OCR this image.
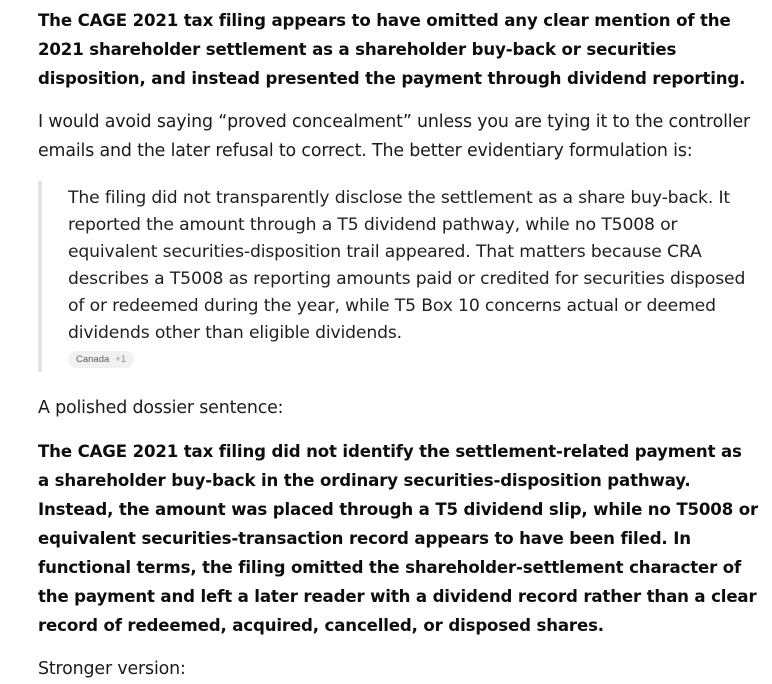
The CAGE 2021 tax filing appears to have omitted any clear mention of the 2021 shareholder settlement as a shareholder buy-back or securities disposition, and instead presented the payment through dividend reporting.

I would avoid saying “proved concealment” unless you are tying it to the controller emails and the later refusal to correct. The better evidentiary formulation is:

The filing did not transparently disclose the settlement as a share buy-back. It reported the amount through a T5 dividend pathway, while no T5008 or equivalent securities-disposition trail appeared. That matters because CRA describes a T5008 as reporting amounts paid or credited for securities disposed of or redeemed during the year, while T5 Box 10 concerns actual or deemed dividends other than eligible dividends.

Canada +1

A polished dossier sentence:

The CAGE 2021 tax filing did not identify the settlement-related payment as a shareholder buy-back in the ordinary securities-disposition pathway. Instead, the amount was placed through a T5 dividend slip, while no T5008 or equivalent securities-transaction record appears to have been filed. In functional terms, the filing omitted the shareholder-settlement character of the payment and left a later reader with a dividend record rather than a clear record of redeemed, acquired, cancelled, or disposed shares.

Stronger version:
